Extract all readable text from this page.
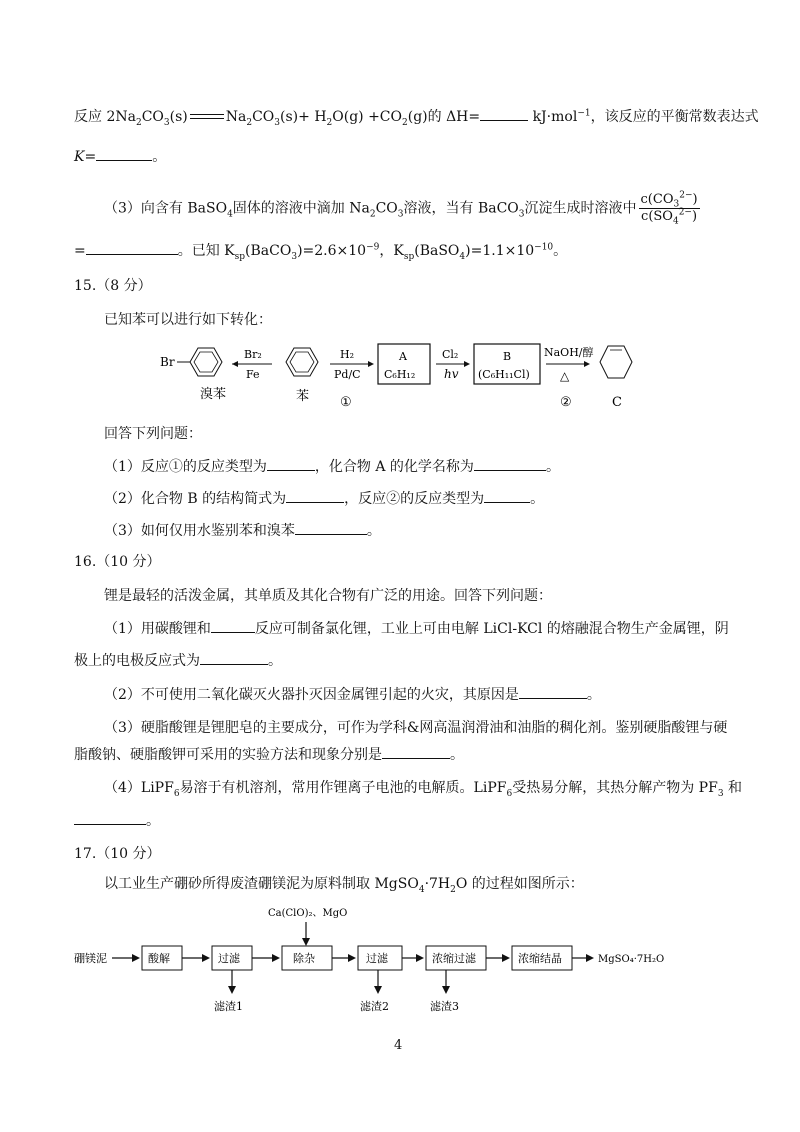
反应 $2Na_2CO_3(s)$	$Na_2CO_3(s)+ H_2O(g) +CO_2(g)$的 ΔH=	kJ·mol$^{-1}$，该反应的平衡常数表达式
K=	。
（3）向含有 BaSO$_4$固体的溶液中滴加 $Na_2CO_3$溶液，当有 BaCO$_3$沉淀生成时溶液中 $\frac{c(CO_3^{2-})}{c(SO_4^{2-})}$
=	。已知 $K_{sp}(BaCO_3)=2.6\times 10^{-9}$，$K_{sp}(BaSO_4)=1.1\times 10^{-10}$。
15.（8 分）
已知苯可以进行如下转化：
Br
溴苯
Br₂
Fe
苯
H₂
Pd/C
①
A
C₆H₁₂
Cl₂
hv
B
(C₆H₁₁Cl)
NaOH/醇
△
②	C
回答下列问题：
（1）反应①的反应类型为	，化合物 A 的化学名称为	。
（2）化合物 B 的结构简式为	，反应②的反应类型为	。
（3）如何仅用水鉴别苯和溴苯	。
16.（10 分）
锂是最轻的活泼金属，其单质及其化合物有广泛的用途。回答下列问题：
（1）用碳酸锂和	反应可制备氯化锂，工业上可由电解 LiCl-KCl 的熔融混合物生产金属锂，阴
极上的电极反应式为	。
（2）不可使用二氧化碳灭火器扑灭因金属锂引起的火灾，其原因是	。
（3）硬脂酸锂是锂肥皂的主要成分，可作为学科&网高温润滑油和油脂的稠化剂。鉴别硬脂酸锂与硬
脂酸钠、硬脂酸钾可采用的实验方法和现象分别是	。
（4）LiPF$_6$易溶于有机溶剂，常用作锂离子电池的电解质。LiPF$_6$受热易分解，其热分解产物为 $PF_3$ 和
。
17.（10 分）
以工业生产硼砂所得废渣硼镁泥为原料制取 $MgSO_4\cdot 7H_2O$ 的过程如图所示：
Ca(ClO)₂、MgO
硼镁泥	酸解	过滤
滤渣1
除杂	过滤
滤渣2
浓缩过滤
滤渣3
浓缩结晶	MgSO₄·7H₂O
4
